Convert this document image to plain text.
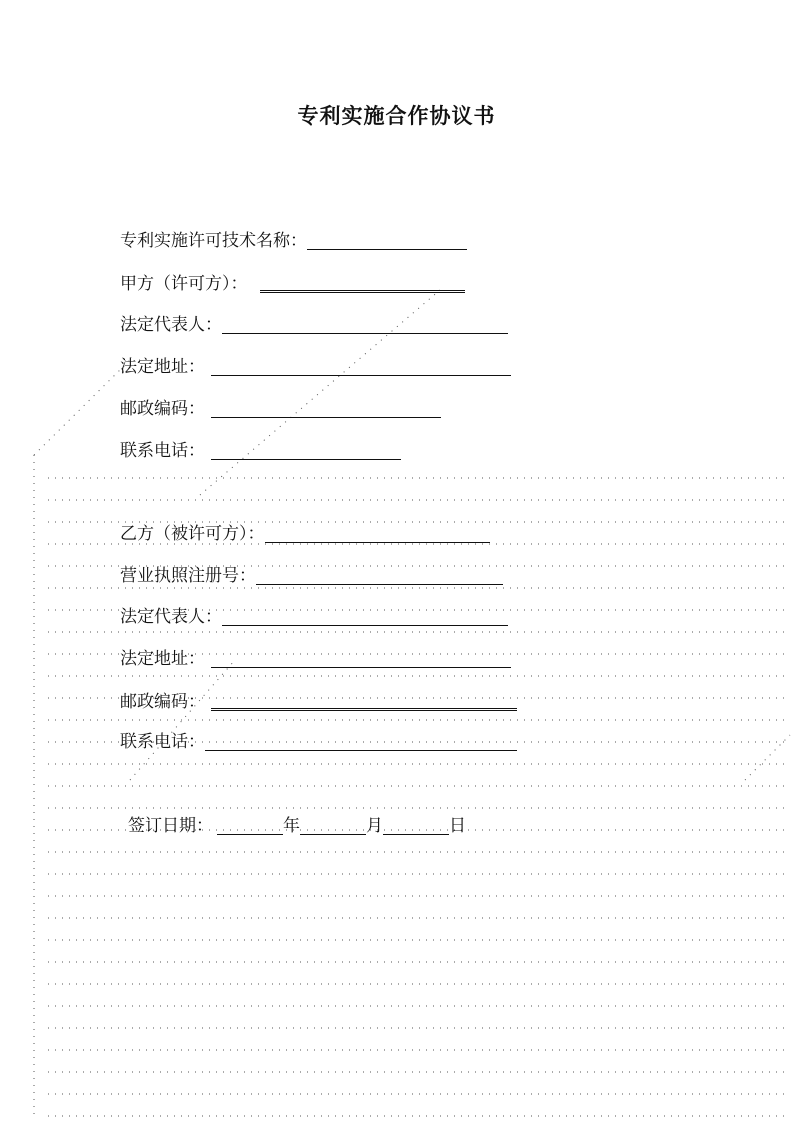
专利实施合作协议书
专利实施许可技术名称：
甲方（许可方）：
法定代表人：
法定地址：
邮政编码：
联系电话：
乙方（被许可方）：
营业执照注册号：
法定代表人：
法定地址：
邮政编码：
联系电话：
签订日期：	年	月	日
